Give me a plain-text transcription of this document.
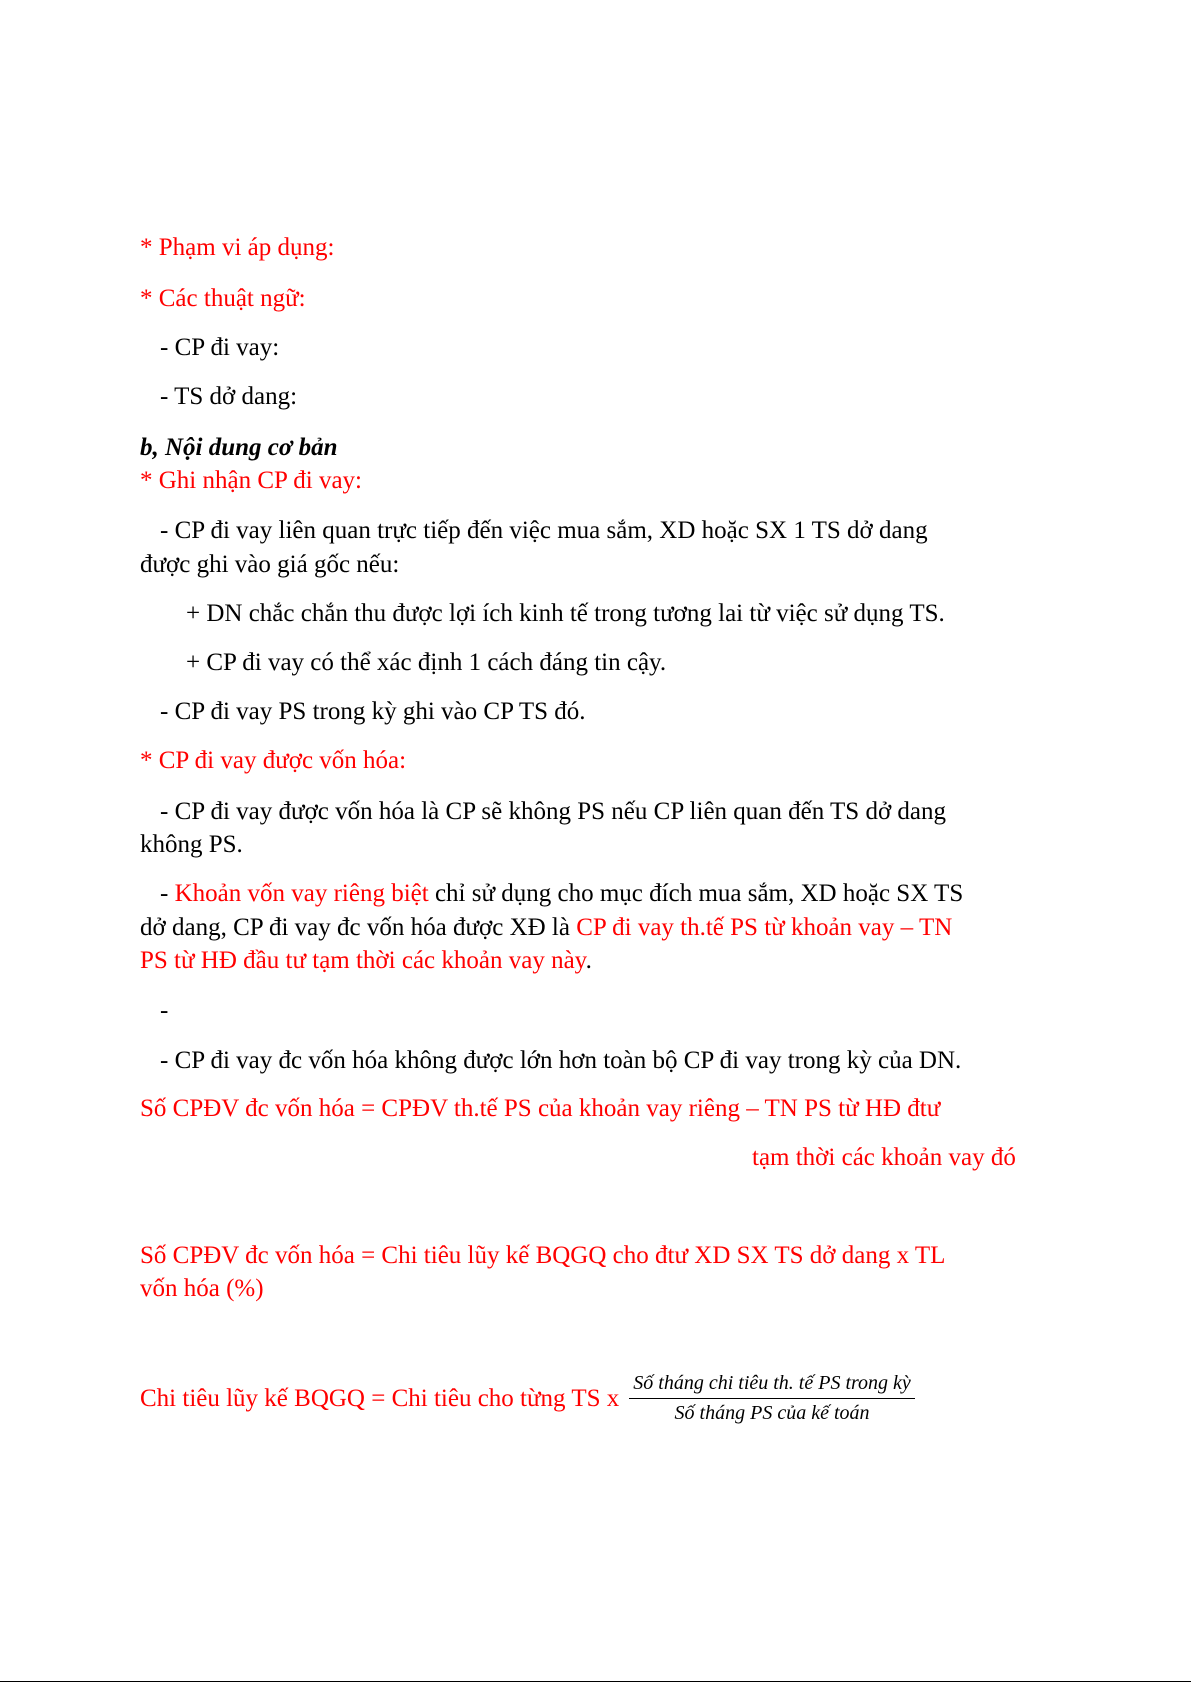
* Phạm vi áp dụng:
* Các thuật ngữ:
- CP đi vay:
- TS dở dang:
b, Nội dung cơ bản
* Ghi nhận CP đi vay:
- CP đi vay liên quan trực tiếp đến việc mua sắm, XD hoặc SX 1 TS dở dang
được ghi vào giá gốc nếu:
+ DN chắc chắn thu được lợi ích kinh tế trong tương lai từ việc sử dụng TS.
+ CP đi vay có thể xác định 1 cách đáng tin cậy.
- CP đi vay PS trong kỳ ghi vào CP TS đó.
* CP đi vay được vốn hóa:
- CP đi vay được vốn hóa là CP sẽ không PS nếu CP liên quan đến TS dở dang
không PS.
- Khoản vốn vay riêng biệt chỉ sử dụng cho mục đích mua sắm, XD hoặc SX TS
dở dang, CP đi vay đc vốn hóa được XĐ là CP đi vay th.tế PS từ khoản vay – TN
PS từ HĐ đầu tư tạm thời các khoản vay này.
-
- CP đi vay đc vốn hóa không được lớn hơn toàn bộ CP đi vay trong kỳ của DN.
Số CPĐV đc vốn hóa = CPĐV th.tế PS của khoản vay riêng – TN PS từ HĐ đtư
tạm thời các khoản vay đó
Số CPĐV đc vốn hóa = Chi tiêu lũy kế BQGQ cho đtư XD SX TS dở dang x TL
vốn hóa (%)
Chi tiêu lũy kế BQGQ = Chi tiêu cho từng TS x $\frac{\text{Số tháng chi tiêu th. tế PS trong kỳ}}{\text{Số tháng PS của kế toán}}$
